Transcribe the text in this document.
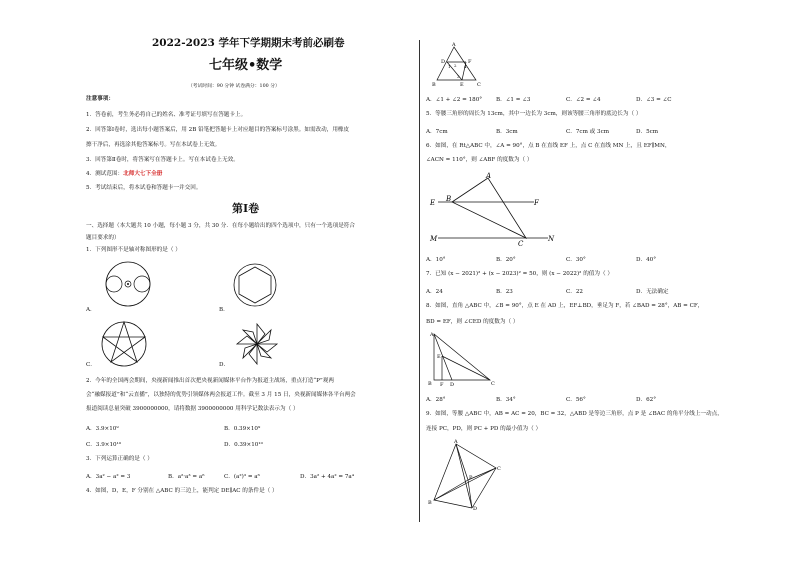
2022-2023 学年下学期期末考前必刷卷
七年级•数学
（考试时间：90 分钟 试卷满分：100 分）
注意事项：
1．答卷前，考生务必将自己的姓名、准考证号填写在答题卡上。
2．回答第Ⅰ卷时，选出每小题答案后，用 2B 铅笔把答题卡上对应题目的答案标号涂黑。如需改动，用橡皮
擦干净后，再选涂其他答案标号。写在本试卷上无效。
3．回答第Ⅱ卷时，将答案写在答题卡上。写在本试卷上无效。
4．测试范围：北师大七下全册
5．考试结束后，将本试卷和答题卡一并交回。
第Ⅰ卷
一、选择题（本大题共 10 小题，每小题 3 分，共 30 分．在每小题给出的四个选项中，只有一个选项是符合
题目要求的）
1．下列图形不是轴对称图形的是（ ）
A．	B．
C．	D．
2．今年的全国两会期间，央视新闻推出首次把央视新闻媒体平台作为报道主战场，重点打造“P”观两
会“融媒报道”和“云直播”，以独特的优势引领媒体两会报道工作。截至 3 月 15 日，央视新闻媒体各平台两会
报道阅读总量突破 3900000000，请将数据 3900000000 用科学记数法表示为（ ）
A．3.9×10⁹	B．0.39×10⁹
C．3.9×10¹⁰	D．0.39×10¹⁰
3．下列运算正确的是（ ）
A．3a² − a² = 3	B．a²·a³ = a⁶	C．(a²)³ = a⁶	D．3a² + 4a² = 7a⁴
4．如图，D，E，F 分别在 △ABC 的三边上，能判定 DE∥AC 的条件是（ ）
A
B	C
D
E
F
1 2
3
4
A．∠1 + ∠2 = 180° B．∠1 = ∠3	C．∠2 = ∠4	D．∠3 = ∠C
5．等腰三角形的周长为 13cm，其中一边长为 3cm，则该等腰三角形的底边长为（ ）
A．7cm	B．3cm	C．7cm 或 3cm	D．5cm
6．如图，在 Rt△ABC 中，∠A = 90°，点 B 在直线 EF 上，点 C 在直线 MN 上，且 EF∥MN，
∠ACN = 110°，则 ∠ABF 的度数为（ ）
A
B
C
E	F
M	N
A．10°	B．20°	C．30°	D．40°
7．已知 (x − 2021)² + (x − 2023)² = 50，则 (x − 2022)² 的值为（ ）
A．24	B．23	C．22	D．无法确定
8．如图，直角 △ABC 中，∠B = 90°，点 E 在 AD 上，EF⊥BD，垂足为 F，若 ∠BAD = 28°，AB = CF，
BD = EF，则 ∠CED 的度数为（ ）
A
B	C
D
E
F
A．28°	B．34°	C．56°	D．62°
9．如图，等腰 △ABC 中，AB = AC = 20，BC = 32，△ABD 是等边三角形，点 P 是 ∠BAC 的角平分线上一动点，
连接 PC，PD，则 PC + PD 的最小值为（ ）
A
B
C
D
P
